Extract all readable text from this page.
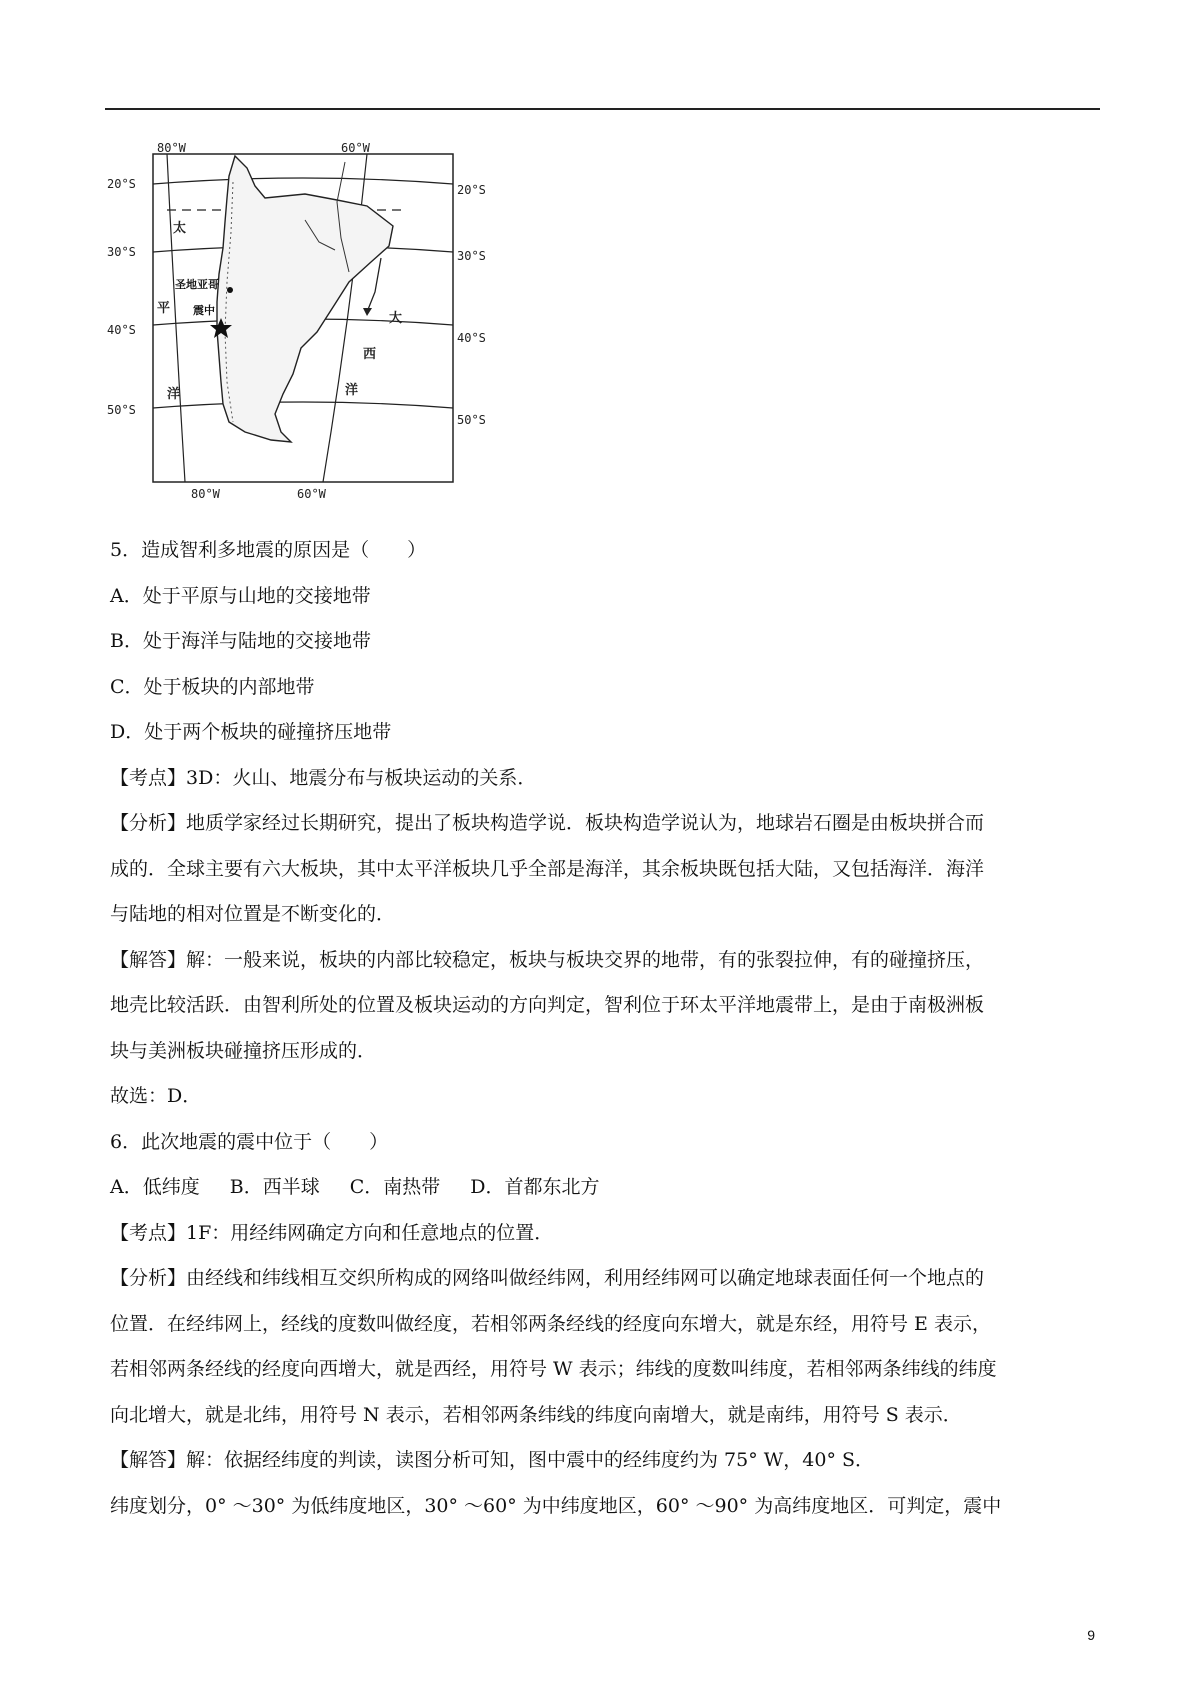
80°W	60°W
80°W	60°W
20°S
30°S
40°S
50°S
20°S
30°S
40°S
50°S
太
平
洋
大
西
洋
圣地亚哥
震中

5．造成智利多地震的原因是（　　）

A．处于平原与山地的交接地带

B．处于海洋与陆地的交接地带

C．处于板块的内部地带

D．处于两个板块的碰撞挤压地带

【考点】3D：火山、地震分布与板块运动的关系．

【分析】地质学家经过长期研究，提出了板块构造学说．板块构造学说认为，地球岩石圈是由板块拼合而

成的．全球主要有六大板块，其中太平洋板块几乎全部是海洋，其余板块既包括大陆，又包括海洋．海洋

与陆地的相对位置是不断变化的．

【解答】解：一般来说，板块的内部比较稳定，板块与板块交界的地带，有的张裂拉伸，有的碰撞挤压，

地壳比较活跃．由智利所处的位置及板块运动的方向判定，智利位于环太平洋地震带上，是由于南极洲板

块与美洲板块碰撞挤压形成的．

故选：D．

6．此次地震的震中位于（　　）

A．低纬度 B．西半球 C．南热带 D．首都东北方

【考点】1F：用经纬网确定方向和任意地点的位置．

【分析】由经线和纬线相互交织所构成的网络叫做经纬网，利用经纬网可以确定地球表面任何一个地点的

位置．在经纬网上，经线的度数叫做经度，若相邻两条经线的经度向东增大，就是东经，用符号 E 表示，

若相邻两条经线的经度向西增大，就是西经，用符号 W 表示；纬线的度数叫纬度，若相邻两条纬线的纬度

向北增大，就是北纬，用符号 N 表示，若相邻两条纬线的纬度向南增大，就是南纬，用符号 S 表示．

【解答】解：依据经纬度的判读，读图分析可知，图中震中的经纬度约为 75° W，40° S．

纬度划分，0° ～30° 为低纬度地区，30° ～60° 为中纬度地区，60° ～90° 为高纬度地区．可判定，震中

9
